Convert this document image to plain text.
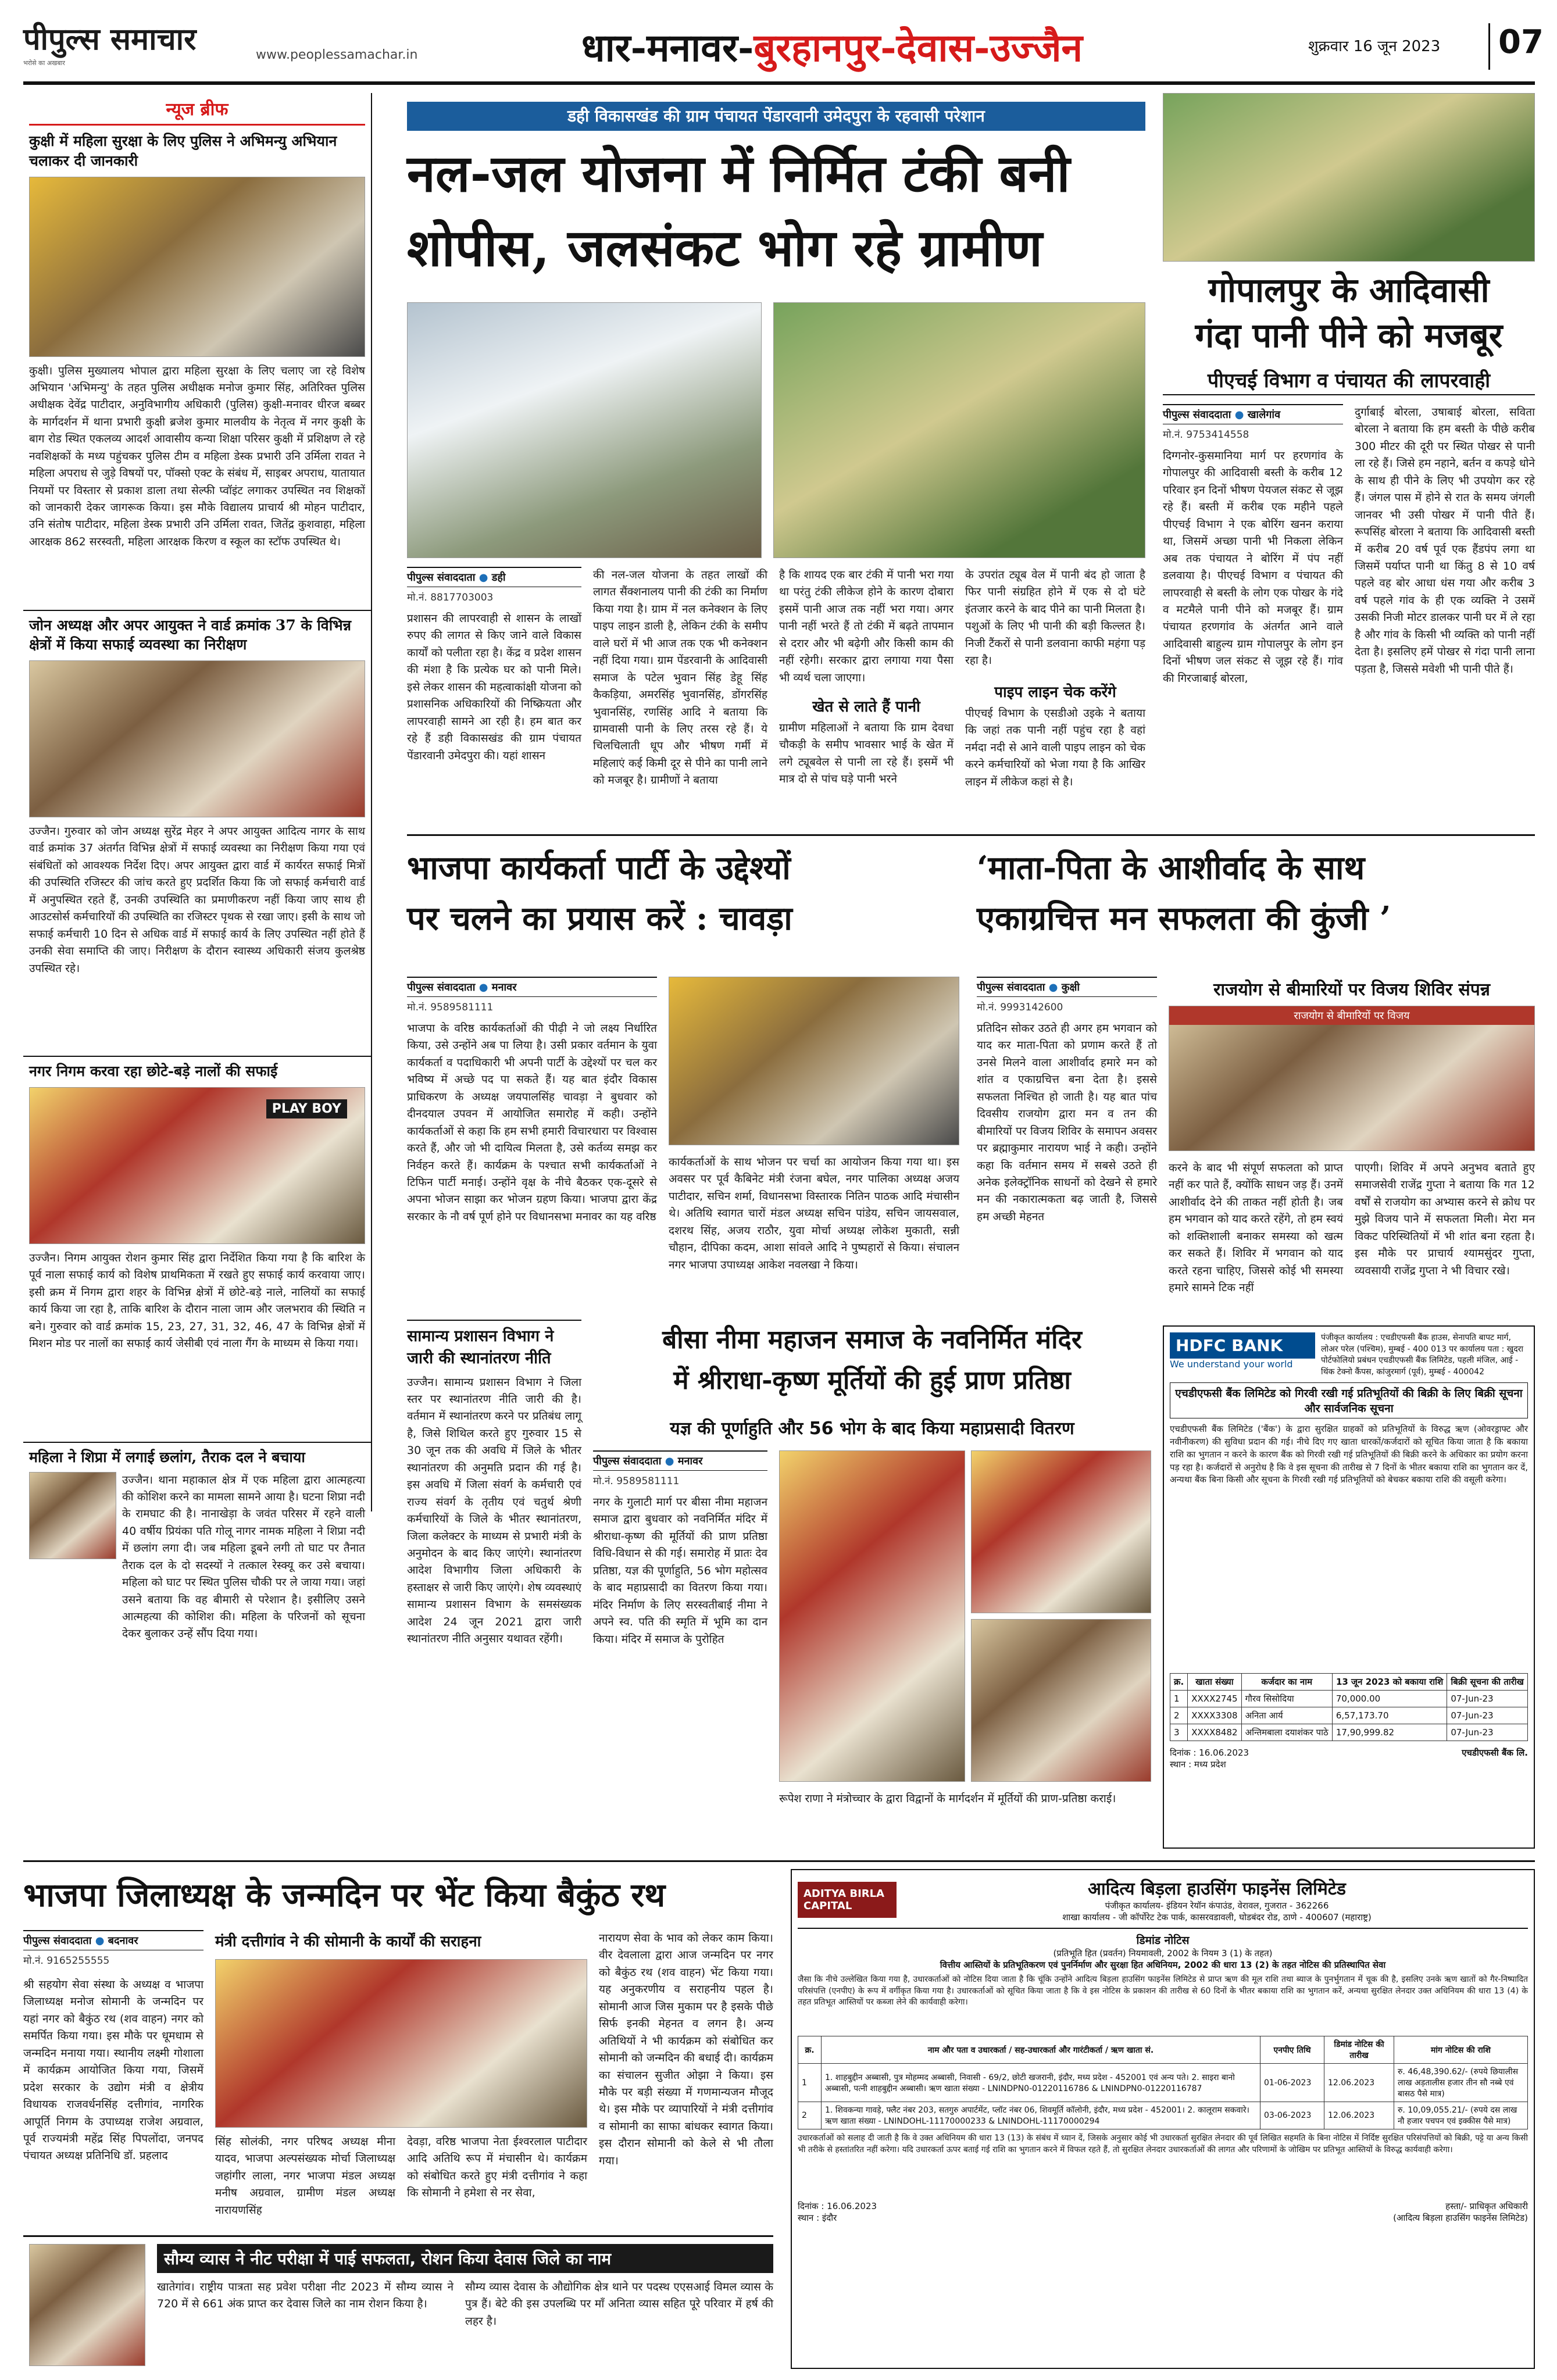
पीपुल्स समाचार
भरोसे का अखबार
www.peoplessamachar.in	धार-मनावर-बुरहानपुर-देवास-उज्जैन	शुक्रवार 16 जून 2023	07
न्यूज ब्रीफ
कुक्षी में महिला सुरक्षा के लिए पुलिस ने अभिमन्यु अभियान चलाकर दी जानकारी
कुक्षी। पुलिस मुख्यालय भोपाल द्वारा महिला सुरक्षा के लिए चलाए जा रहे विशेष अभियान 'अभिमन्यु' के तहत पुलिस अधीक्षक मनोज कुमार सिंह, अतिरिक्त पुलिस अधीक्षक देवेंद्र पाटीदार, अनुविभागीय अधिकारी (पुलिस) कुक्षी-मनावर धीरज बब्बर के मार्गदर्शन में थाना प्रभारी कुक्षी ब्रजेश कुमार मालवीय के नेतृत्व में नगर कुक्षी के बाग रोड स्थित एकलव्य आदर्श आवासीय कन्या शिक्षा परिसर कुक्षी में प्रशिक्षण ले रहे नवशिक्षकों के मध्य पहुंचकर पुलिस टीम व महिला डेस्क प्रभारी उनि उर्मिला रावत ने महिला अपराध से जुड़े विषयों पर, पॉक्सो एक्ट के संबंध में, साइबर अपराध, यातायात नियमों पर विस्तार से प्रकाश डाला तथा सेल्फी प्वॉइंट लगाकर उपस्थित नव शिक्षकों को जानकारी देकर जागरूक किया। इस मौके विद्यालय प्राचार्य श्री मोहन पाटीदार, उनि संतोष पाटीदार, महिला डेस्क प्रभारी उनि उर्मिला रावत, जितेंद्र कुशवाहा, महिला आरक्षक 862 सरस्वती, महिला आरक्षक किरण व स्कूल का स्टॉफ उपस्थित थे।
जोन अध्यक्ष और अपर आयुक्त ने वार्ड क्रमांक 37 के विभिन्न क्षेत्रों में किया सफाई व्यवस्था का निरीक्षण
उज्जैन। गुरुवार को जोन अध्यक्ष सुरेंद्र मेहर ने अपर आयुक्त आदित्य नागर के साथ वार्ड क्रमांक 37 अंतर्गत विभिन्न क्षेत्रों में सफाई व्यवस्था का निरीक्षण किया गया एवं संबंधितों को आवश्यक निर्देश दिए। अपर आयुक्त द्वारा वार्ड में कार्यरत सफाई मित्रों की उपस्थिति रजिस्टर की जांच करते हुए प्रदर्शित किया कि जो सफाई कर्मचारी वार्ड में अनुपस्थित रहते हैं, उनकी उपस्थिति का प्रमाणीकरण नहीं किया जाए साथ ही आउटसोर्स कर्मचारियों की उपस्थिति का रजिस्टर पृथक से रखा जाए। इसी के साथ जो सफाई कर्मचारी 10 दिन से अधिक वार्ड में सफाई कार्य के लिए उपस्थित नहीं होते हैं उनकी सेवा समाप्ति की जाए। निरीक्षण के दौरान स्वास्थ्य अधिकारी संजय कुलश्रेष्ठ उपस्थित रहे।
नगर निगम करवा रहा छोटे-बड़े नालों की सफाई
PLAY BOY
उज्जैन। निगम आयुक्त रोशन कुमार सिंह द्वारा निर्देशित किया गया है कि बारिश के पूर्व नाला सफाई कार्य को विशेष प्राथमिकता में रखते हुए सफाई कार्य करवाया जाए। इसी क्रम में निगम द्वारा शहर के विभिन्न क्षेत्रों में छोटे-बड़े नाले, नालियों का सफाई कार्य किया जा रहा है, ताकि बारिश के दौरान नाला जाम और जलभराव की स्थिति न बने। गुरुवार को वार्ड क्रमांक 15, 23, 27, 31, 32, 46, 47 के विभिन्न क्षेत्रों में मिशन मोड पर नालों का सफाई कार्य जेसीबी एवं नाला गैंग के माध्यम से किया गया।
महिला ने शिप्रा में लगाई छलांग, तैराक दल ने बचाया
उज्जैन। थाना महाकाल क्षेत्र में एक महिला द्वारा आत्महत्या की कोशिश करने का मामला सामने आया है। घटना शिप्रा नदी के रामघाट की है। नानाखेड़ा के जवंत परिसर में रहने वाली 40 वर्षीय प्रियंका पति गोलू नागर नामक महिला ने शिप्रा नदी में छलांग लगा दी। जब महिला डूबने लगी तो घाट पर तैनात तैराक दल के दो सदस्यों ने तत्काल रेस्क्यू कर उसे बचाया। महिला को घाट पर स्थित पुलिस चौकी पर ले जाया गया। जहां उसने बताया कि वह बीमारी से परेशान है। इसीलिए उसने आत्महत्या की कोशिश की। महिला के परिजनों को सूचना देकर बुलाकर उन्हें सौंप दिया गया।
डही विकासखंड की ग्राम पंचायत पेंडारवानी उमेदपुरा के रहवासी परेशान
नल-जल योजना में निर्मित टंकी बनी
शोपीस, जलसंकट भोग रहे ग्रामीण
पीपुल्स संवाददाता ● डही
मो.नं. 8817703003
प्रशासन की लापरवाही से शासन के लाखों रुपए की लागत से किए जाने वाले विकास कार्यों को पलीता रहा है। केंद्र व प्रदेश शासन की मंशा है कि प्रत्येक घर को पानी मिले। इसे लेकर शासन की महत्वाकांक्षी योजना को प्रशासनिक अधिकारियों की निष्क्रियता और लापरवाही सामने आ रही है। हम बात कर रहे हैं डही विकासखंड की ग्राम पंचायत पेंडारवानी उमेदपुरा की। यहां शासन
की नल-जल योजना के तहत लाखों की लागत सैंक्शनालय पानी की टंकी का निर्माण किया गया है। ग्राम में नल कनेक्शन के लिए पाइप लाइन डाली है, लेकिन टंकी के समीप वाले घरों में भी आज तक एक भी कनेक्शन नहीं दिया गया। ग्राम पेंडरवानी के आदिवासी समाज के पटेल भुवान सिंह डेहू सिंह कैकड़िया, अमरसिंह भुवानसिंह, डोंगरसिंह भुवानसिंह, रणसिंह आदि ने बताया कि ग्रामवासी पानी के लिए तरस रहे हैं। ये चिलचिलाती धूप और भीषण गर्मी में महिलाएं कई किमी दूर से पीने का पानी लाने को मजबूर है। ग्रामीणों ने बताया
है कि शायद एक बार टंकी में पानी भरा गया था परंतु टंकी लीकेज होने के कारण दोबारा इसमें पानी आज तक नहीं भरा गया। अगर पानी नहीं भरते हैं तो टंकी में बढ़ते तापमान से दरार और भी बढ़ेगी और किसी काम की नहीं रहेगी। सरकार द्वारा लगाया गया पैसा भी व्यर्थ चला जाएगा।
खेत से लाते हैं पानी
ग्रामीण महिलाओं ने बताया कि ग्राम देवधा चौकड़ी के समीप भावसार भाई के खेत में लगे ट्यूबवेल से पानी ला रहे हैं। इसमें भी मात्र दो से पांच घड़े पानी भरने
के उपरांत ट्यूब वेल में पानी बंद हो जाता है फिर पानी संग्रहित होने में एक से दो घंटे इंतजार करने के बाद पीने का पानी मिलता है। पशुओं के लिए भी पानी की बड़ी किल्लत है। निजी टैंकरों से पानी डलवाना काफी महंगा पड़ रहा है।
पाइप लाइन चेक करेंगे
पीएचई विभाग के एसडीओ उइके ने बताया कि जहां तक पानी नहीं पहुंच रहा है वहां नर्मदा नदी से आने वाली पाइप लाइन को चेक करने कर्मचारियों को भेजा गया है कि आखिर लाइन में लीकेज कहां से है।
गोपालपुर के आदिवासी
गंदा पानी पीने को मजबूर
पीएचई विभाग व पंचायत की लापरवाही
पीपुल्स संवाददाता ● खालेगांव
मो.नं. 9753414558
दिग्गनोर-कुसमानिया मार्ग पर हरणगांव के गोपालपुर की आदिवासी बस्ती के करीब 12 परिवार इन दिनों भीषण पेयजल संकट से जूझ रहे हैं। बस्ती में करीब एक महीने पहले पीएचई विभाग ने एक बोरिंग खनन कराया था, जिसमें अच्छा पानी भी निकला लेकिन अब तक पंचायत ने बोरिंग में पंप नहीं डलवाया है। पीएचई विभाग व पंचायत की लापरवाही से बस्ती के लोग एक पोखर के गंदे व मटमैले पानी पीने को मजबूर हैं। ग्राम पंचायत हरणगांव के अंतर्गत आने वाले आदिवासी बाहुल्य ग्राम गोपालपुर के लोग इन दिनों भीषण जल संकट से जूझ रहे हैं। गांव की गिरजाबाई बोरला,
दुर्गाबाई बोरला, उषाबाई बोरला, सविता बोरला ने बताया कि हम बस्ती के पीछे करीब 300 मीटर की दूरी पर स्थित पोखर से पानी ला रहे हैं। जिसे हम नहाने, बर्तन व कपड़े धोने के साथ ही पीने के लिए भी उपयोग कर रहे हैं। जंगल पास में होने से रात के समय जंगली जानवर भी उसी पोखर में पानी पीते हैं। रूपसिंह बोरला ने बताया कि आदिवासी बस्ती में करीब 20 वर्ष पूर्व एक हैंडपंप लगा था जिसमें पर्याप्त पानी था किंतु 8 से 10 वर्ष पहले वह बोर आधा धंस गया और करीब 3 वर्ष पहले गांव के ही एक व्यक्ति ने उसमें उसकी निजी मोटर डालकर पानी घर में ले रहा है और गांव के किसी भी व्यक्ति को पानी नहीं देता है। इसलिए हमें पोखर से गंदा पानी लाना पड़ता है, जिससे मवेशी भी पानी पीते हैं।
भाजपा कार्यकर्ता पार्टी के उद्देश्यों
पर चलने का प्रयास करें : चावड़ा
पीपुल्स संवाददाता ● मनावर
मो.नं. 9589581111
भाजपा के वरिष्ठ कार्यकर्ताओं की पीढ़ी ने जो लक्ष्य निर्धारित किया, उसे उन्होंने अब पा लिया है। उसी प्रकार वर्तमान के युवा कार्यकर्ता व पदाधिकारी भी अपनी पार्टी के उद्देश्यों पर चल कर भविष्य में अच्छे पद पा सकते हैं। यह बात इंदौर विकास प्राधिकरण के अध्यक्ष जयपालसिंह चावड़ा ने बुधवार को दीनदयाल उपवन में आयोजित समारोह में कही। उन्होंने कार्यकर्ताओं से कहा कि हम सभी हमारी विचारधारा पर विश्वास करते हैं, और जो भी दायित्व मिलता है, उसे कर्तव्य समझ कर निर्वहन करते हैं। कार्यक्रम के पश्चात सभी कार्यकर्ताओं ने टिफिन पार्टी मनाई। उन्होंने वृक्ष के नीचे बैठकर एक-दूसरे से अपना भोजन साझा कर भोजन ग्रहण किया। भाजपा द्वारा केंद्र सरकार के नौ वर्ष पूर्ण होने पर विधानसभा मनावर का यह वरिष्ठ
कार्यकर्ताओं के साथ भोजन पर चर्चा का आयोजन किया गया था। इस अवसर पर पूर्व कैबिनेट मंत्री रंजना बघेल, नगर पालिका अध्यक्ष अजय पाटीदार, सचिन शर्मा, विधानसभा विस्तारक नितिन पाठक आदि मंचासीन थे। अतिथि स्वागत चारों मंडल अध्यक्ष सचिन पांडेय, सचिन जायसवाल, दशरथ सिंह, अजय राठौर, युवा मोर्चा अध्यक्ष लोकेश मुकाती, सन्नी चौहान, दीपिका कदम, आशा सांवले आदि ने पुष्पहारों से किया। संचालन नगर भाजपा उपाध्यक्ष आकेश नवलखा ने किया।
‘माता-पिता के आशीर्वाद के साथ
एकाग्रचित्त मन सफलता की कुंजी ’
पीपुल्स संवाददाता ● कुक्षी	राजयोग से बीमारियों पर विजय शिविर संपन्न
मो.नं. 9993142600
प्रतिदिन सोकर उठते ही अगर हम भगवान को याद कर माता-पिता को प्रणाम करते हैं तो उनसे मिलने वाला आशीर्वाद हमारे मन को शांत व एकाग्रचित्त बना देता है। इससे सफलता निश्चित हो जाती है। यह बात पांच दिवसीय राजयोग द्वारा मन व तन की बीमारियों पर विजय शिविर के समापन अवसर पर ब्रह्माकुमार नारायण भाई ने कही। उन्होंने कहा कि वर्तमान समय में सबसे उठते ही अनेक इलेक्ट्रॉनिक साधनों को देखने से हमारे मन की नकारात्मकता बढ़ जाती है, जिससे हम अच्छी मेहनत
राजयोग से बीमारियों पर विजय
करने के बाद भी संपूर्ण सफलता को प्राप्त नहीं कर पाते हैं, क्योंकि साधन जड़ हैं। उनमें आशीर्वाद देने की ताकत नहीं होती है। जब हम भगवान को याद करते रहेंगे, तो हम स्वयं को शक्तिशाली बनाकर समस्या को खत्म कर सकते हैं। शिविर में भगवान को याद करते रहना चाहिए, जिससे कोई भी समस्या हमारे सामने टिक नहीं
पाएगी। शिविर में अपने अनुभव बताते हुए समाजसेवी राजेंद्र गुप्ता ने बताया कि गत 12 वर्षों से राजयोग का अभ्यास करने से क्रोध पर मुझे विजय पाने में सफलता मिली। मेरा मन विकट परिस्थितियों में भी शांत बना रहता है। इस मौके पर प्राचार्य श्यामसुंदर गुप्ता, व्यवसायी राजेंद्र गुप्ता ने भी विचार रखे।
सामान्य प्रशासन विभाग ने जारी की स्थानांतरण नीति
उज्जैन। सामान्य प्रशासन विभाग ने जिला स्तर पर स्थानांतरण नीति जारी की है। वर्तमान में स्थानांतरण करने पर प्रतिबंध लागू है, जिसे शिथिल करते हुए गुरुवार 15 से 30 जून तक की अवधि में जिले के भीतर स्थानांतरण की अनुमति प्रदान की गई है। इस अवधि में जिला संवर्ग के कर्मचारी एवं राज्य संवर्ग के तृतीय एवं चतुर्थ श्रेणी कर्मचारियों के जिले के भीतर स्थानांतरण, जिला कलेक्टर के माध्यम से प्रभारी मंत्री के अनुमोदन के बाद किए जाएंगे। स्थानांतरण आदेश विभागीय जिला अधिकारी के हस्ताक्षर से जारी किए जाएंगे। शेष व्यवस्थाएं सामान्य प्रशासन विभाग के समसंख्यक आदेश 24 जून 2021 द्वारा जारी स्थानांतरण नीति अनुसार यथावत रहेंगी।
बीसा नीमा महाजन समाज के नवनिर्मित मंदिर
में श्रीराधा-कृष्ण मूर्तियों की हुई प्राण प्रतिष्ठा
यज्ञ की पूर्णाहुति और 56 भोग के बाद किया महाप्रसादी वितरण
पीपुल्स संवाददाता ● मनावर
मो.नं. 9589581111
नगर के गुलाटी मार्ग पर बीसा नीमा महाजन समाज द्वारा बुधवार को नवनिर्मित मंदिर में श्रीराधा-कृष्ण की मूर्तियों की प्राण प्रतिष्ठा विधि-विधान से की गई। समारोह में प्रातः देव प्रतिष्ठा, यज्ञ की पूर्णाहुति, 56 भोग महोत्सव के बाद महाप्रसादी का वितरण किया गया। मंदिर निर्माण के लिए सरस्वतीबाई नीमा ने अपने स्व. पति की स्मृति में भूमि का दान किया। मंदिर में समाज के पुरोहित
रूपेश राणा ने मंत्रोच्चार के द्वारा विद्वानों के मार्गदर्शन में मूर्तियों की प्राण-प्रतिष्ठा कराई।
HDFC BANK
We understand your world
पंजीकृत कार्यालय : एचडीएफसी बैंक हाउस, सेनापति बापट मार्ग, लोअर परेल (पश्चिम), मुम्बई - 400 013 पर कार्यालय पता : खुदरा पोर्टफोलियो प्रबंधन एचडीएफसी बैंक लिमिटेड, पहली मंजिल, आई - थिंक टेक्नो कैंपस, कांजुरमार्ग (पूर्व), मुम्बई - 400042
एचडीएफसी बैंक लिमिटेड को गिरवी रखी गई प्रतिभूतियों की बिक्री के लिए बिक्री सूचना और सार्वजनिक सूचना
एचडीएफसी बैंक लिमिटेड ('बैंक') के द्वारा सुरक्षित ग्राहकों को प्रतिभूतियों के विरुद्ध ऋण (ओवरड्राफ्ट और नवीनीकरण) की सुविधा प्रदान की गई। नीचे दिए गए खाता धारकों/कर्जदारों को सूचित किया जाता है कि बकाया राशि का भुगतान न करने के कारण बैंक को गिरवी रखी गई प्रतिभूतियों की बिक्री करने के अधिकार का प्रयोग करना पड़ रहा है। कर्जदारों से अनुरोध है कि वे इस सूचना की तारीख से 7 दिनों के भीतर बकाया राशि का भुगतान कर दें, अन्यथा बैंक बिना किसी और सूचना के गिरवी रखी गई प्रतिभूतियों को बेचकर बकाया राशि की वसूली करेगा।
क्र.	खाता संख्या	कर्जदार का नाम	13 जून 2023 को बकाया राशि	बिक्री सूचना की तारीख
1	XXXX2745	गौरव सिसोदिया	70,000.00	07-Jun-23
2	XXXX3308	अनिता आर्य	6,57,173.70	07-Jun-23
3	XXXX8482	अन्तिमबाला दयाशंकर पाठे	17,90,999.82	07-Jun-23
दिनांक : 16.06.2023
स्थान : मध्य प्रदेश
एचडीएफसी बैंक लि.
भाजपा जिलाध्यक्ष के जन्मदिन पर भेंट किया बैकुंठ रथ
पीपुल्स संवाददाता ● बदनावर
मो.नं. 9165255555
श्री सहयोग सेवा संस्था के अध्यक्ष व भाजपा जिलाध्यक्ष मनोज सोमानी के जन्मदिन पर यहां नगर को बैकुंठ रथ (शव वाहन) नगर को समर्पित किया गया। इस मौके पर धूमधाम से जन्मदिन मनाया गया। स्थानीय लक्ष्मी गोशाला में कार्यक्रम आयोजित किया गया, जिसमें प्रदेश सरकार के उद्योग मंत्री व क्षेत्रीय विधायक राजवर्धनसिंह दत्तीगांव, नागरिक आपूर्ति निगम के उपाध्यक्ष राजेश अग्रवाल, पूर्व राज्यमंत्री महेंद्र सिंह पिपलोंदा, जनपद पंचायत अध्यक्ष प्रतिनिधि डॉ. प्रहलाद
मंत्री दत्तीगांव ने की सोमानी के कार्यों की सराहना
सिंह सोलंकी, नगर परिषद अध्यक्ष मीना यादव, भाजपा अल्पसंख्यक मोर्चा जिलाध्यक्ष जहांगीर लाला, नगर भाजपा मंडल अध्यक्ष मनीष अग्रवाल, ग्रामीण मंडल अध्यक्ष नारायणसिंह
देवड़ा, वरिष्ठ भाजपा नेता ईश्वरलाल पाटीदार आदि अतिथि रूप में मंचासीन थे। कार्यक्रम को संबोधित करते हुए मंत्री दत्तीगांव ने कहा कि सोमानी ने हमेशा से नर सेवा,
नारायण सेवा के भाव को लेकर काम किया। वीर देवलाला द्वारा आज जन्मदिन पर नगर को बैकुंठ रथ (शव वाहन) भेंट किया गया। यह अनुकरणीय व सराहनीय पहल है। सोमानी आज जिस मुकाम पर है इसके पीछे सिर्फ इनकी मेहनत व लगन है। अन्य अतिथियों ने भी कार्यक्रम को संबोधित कर सोमानी को जन्मदिन की बधाई दी। कार्यक्रम का संचालन सुजीत ओझा ने किया। इस मौके पर बड़ी संख्या में गणमान्यजन मौजूद थे। इस मौके पर व्यापारियों ने मंत्री दत्तीगांव व सोमानी का साफा बांधकर स्वागत किया। इस दौरान सोमानी को केले से भी तौला गया।
सौम्य व्यास ने नीट परीक्षा में पाई सफलता, रोशन किया देवास जिले का नाम
खातेगांव। राष्ट्रीय पात्रता सह प्रवेश परीक्षा नीट 2023 में सौम्य व्यास ने 720 में से 661 अंक प्राप्त कर देवास जिले का नाम रोशन किया है।
सौम्य व्यास देवास के औद्योगिक क्षेत्र थाने पर पदस्थ एएसआई विमल व्यास के पुत्र हैं। बेटे की इस उपलब्धि पर माँ अनिता व्यास सहित पूरे परिवार में हर्ष की लहर है।
ADITYA BIRLA CAPITAL
आदित्य बिड़ला हाउसिंग फाइनेंस लिमिटेड
पंजीकृत कार्यालय- इंडियन रेयॉन कंपाउंड, वेरावल, गुजरात - 362266
शाखा कार्यालय - जी कॉर्पोरेट टेक पार्क, कासरवडावली, घोडबंदर रोड, ठाणे - 400607 (महाराष्ट्र)
डिमांड नोटिस
(प्रतिभूति हित (प्रवर्तन) नियमावली, 2002 के नियम 3 (1) के तहत)
वित्तीय आस्तियों के प्रतिभूतिकरण एवं पुनर्निर्माण और सुरक्षा हित अधिनियम, 2002 की धारा 13 (2) के तहत नोटिस की प्रतिस्थापित सेवा
जैसा कि नीचे उल्लेखित किया गया है, उधारकर्ताओं को नोटिस दिया जाता है कि चूंकि उन्होंने आदित्य बिड़ला हाउसिंग फाइनेंस लिमिटेड से प्राप्त ऋण की मूल राशि तथा ब्याज के पुनर्भुगतान में चूक की है, इसलिए उनके ऋण खातों को गैर-निष्पादित परिसंपत्ति (एनपीए) के रूप में वर्गीकृत किया गया है। उधारकर्ताओं को सूचित किया जाता है कि वे इस नोटिस के प्रकाशन की तारीख से 60 दिनों के भीतर बकाया राशि का भुगतान करें, अन्यथा सुरक्षित लेनदार उक्त अधिनियम की धारा 13 (4) के तहत प्रतिभूत आस्तियों पर कब्जा लेने की कार्यवाही करेगा।
क्र.	नाम और पता व उधारकर्ता / सह-उधारकर्ता और गारंटीकर्ता / ऋण खाता सं.	एनपीए तिथि	डिमांड नोटिस की तारीख	मांग नोटिस की राशि
1	1. शाहबुद्दीन अब्बासी, पुत्र मोहम्मद अब्बासी, निवासी - 69/2, छोटी खजरानी, इंदौर, मध्य प्रदेश - 452001 एवं अन्य पते। 2. साइरा बानो अब्बासी, पत्नी शाहबुद्दीन अब्बासी। ऋण खाता संख्या - LNINDPN0-01220116786 & LNINDPN0-01220116787	01-06-2023	12.06.2023	रु. 46,48,390.62/- (रुपये छियालीस लाख अड़तालीस हजार तीन सौ नब्बे एवं बासठ पैसे मात्र)
2	1. शिवकन्या गावड़े, फ्लैट नंबर 203, सतगुरु अपार्टमेंट, प्लॉट नंबर 06, शिवमूर्ति कॉलोनी, इंदौर, मध्य प्रदेश - 452001। 2. कालूराम सकवारे। ऋण खाता संख्या - LNINDOHL-11170000233 & LNINDOHL-11170000294	03-06-2023	12.06.2023	रु. 10,09,055.21/- (रुपये दस लाख नौ हजार पचपन एवं इक्कीस पैसे मात्र)
उधारकर्ताओं को सलाह दी जाती है कि वे उक्त अधिनियम की धारा 13 (13) के संबंध में ध्यान दें, जिसके अनुसार कोई भी उधारकर्ता सुरक्षित लेनदार की पूर्व लिखित सहमति के बिना नोटिस में निर्दिष्ट सुरक्षित परिसंपत्तियों को बिक्री, पट्टे या अन्य किसी भी तरीके से हस्तांतरित नहीं करेगा। यदि उधारकर्ता ऊपर बताई गई राशि का भुगतान करने में विफल रहते हैं, तो सुरक्षित लेनदार उधारकर्ताओं की लागत और परिणामों के जोखिम पर प्रतिभूत आस्तियों के विरुद्ध कार्यवाही करेगा।
दिनांक : 16.06.2023
स्थान : इंदौर
हस्ता/- प्राधिकृत अधिकारी
(आदित्य बिड़ला हाउसिंग फाइनेंस लिमिटेड)
